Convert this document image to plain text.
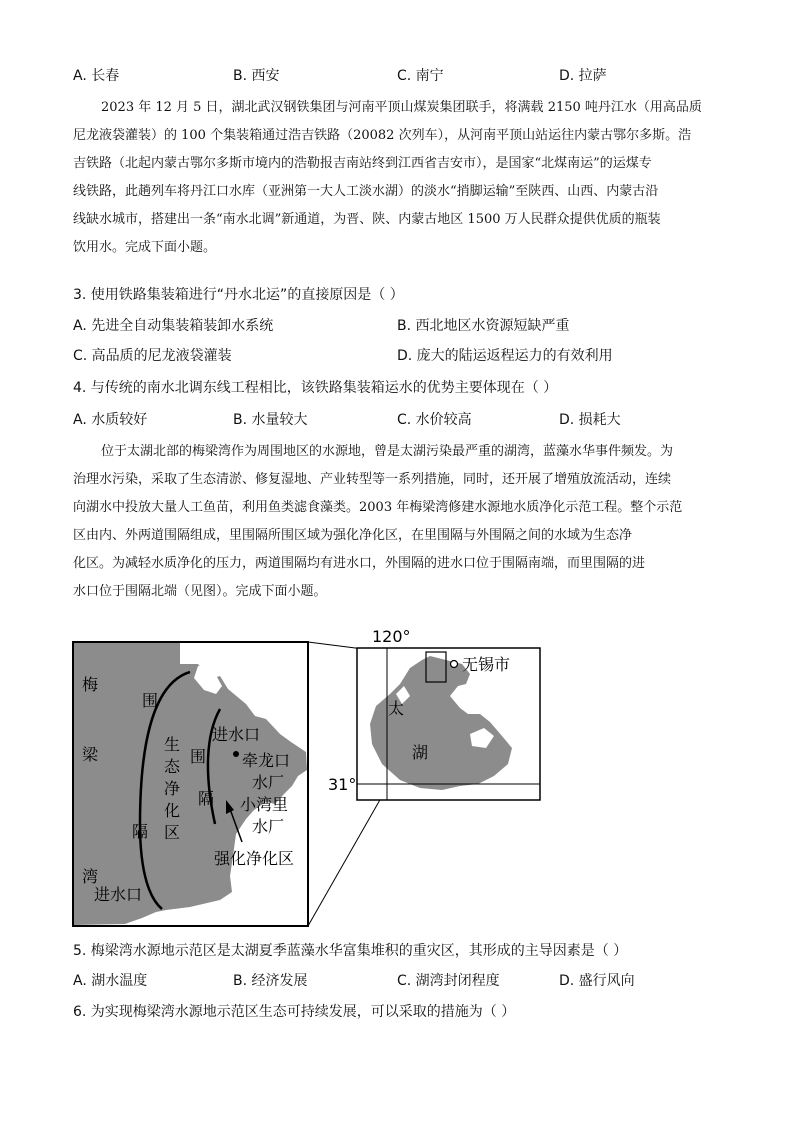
A. 长春	B. 西安	C. 南宁	D. 拉萨
2023 年 12 月 5 日，湖北武汉钢铁集团与河南平顶山煤炭集团联手，将满载 2150 吨丹江水（用高品质
尼龙液袋灌装）的 100 个集装箱通过浩吉铁路（20082 次列车），从河南平顶山站运往内蒙古鄂尔多斯。浩
吉铁路（北起内蒙古鄂尔多斯市境内的浩勒报吉南站终到江西省吉安市），是国家“北煤南运”的运煤专
线铁路，此趟列车将丹江口水库（亚洲第一大人工淡水湖）的淡水“捎脚运输”至陕西、山西、内蒙古沿
线缺水城市，搭建出一条“南水北调”新通道，为晋、陕、内蒙古地区 1500 万人民群众提供优质的瓶装
饮用水。完成下面小题。
3. 使用铁路集装箱进行“丹水北运”的直接原因是（ ）
A. 先进全自动集装箱装卸水系统	B. 西北地区水资源短缺严重
C. 高品质的尼龙液袋灌装	D. 庞大的陆运返程运力的有效利用
4. 与传统的南水北调东线工程相比，该铁路集装箱运水的优势主要体现在（ ）
A. 水质较好	B. 水量较大	C. 水价较高	D. 损耗大
位于太湖北部的梅梁湾作为周围地区的水源地，曾是太湖污染最严重的湖湾，蓝藻水华事件频发。为
治理水污染，采取了生态清淤、修复湿地、产业转型等一系列措施，同时，还开展了增殖放流活动，连续
向湖水中投放大量人工鱼苗，利用鱼类滤食藻类。2003 年梅梁湾修建水源地水质净化示范工程。整个示范
区由内、外两道围隔组成，里围隔所围区域为强化净化区，在里围隔与外围隔之间的水域为生态净
化区。为减轻水质净化的压力，两道围隔均有进水口，外围隔的进水口位于围隔南端，而里围隔的进
水口位于围隔北端（见图）。完成下面小题。
梅
梁
湾
围
隔
生
态
净
化
区
围
隔
进水口
牵龙口
水厂
小湾里
水厂
强化净化区
进水口
120°
31°
无锡市
太
湖
5. 梅梁湾水源地示范区是太湖夏季蓝藻水华富集堆积的重灾区，其形成的主导因素是（ ）
A. 湖水温度	B. 经济发展	C. 湖湾封闭程度	D. 盛行风向
6. 为实现梅梁湾水源地示范区生态可持续发展，可以采取的措施为（ ）
